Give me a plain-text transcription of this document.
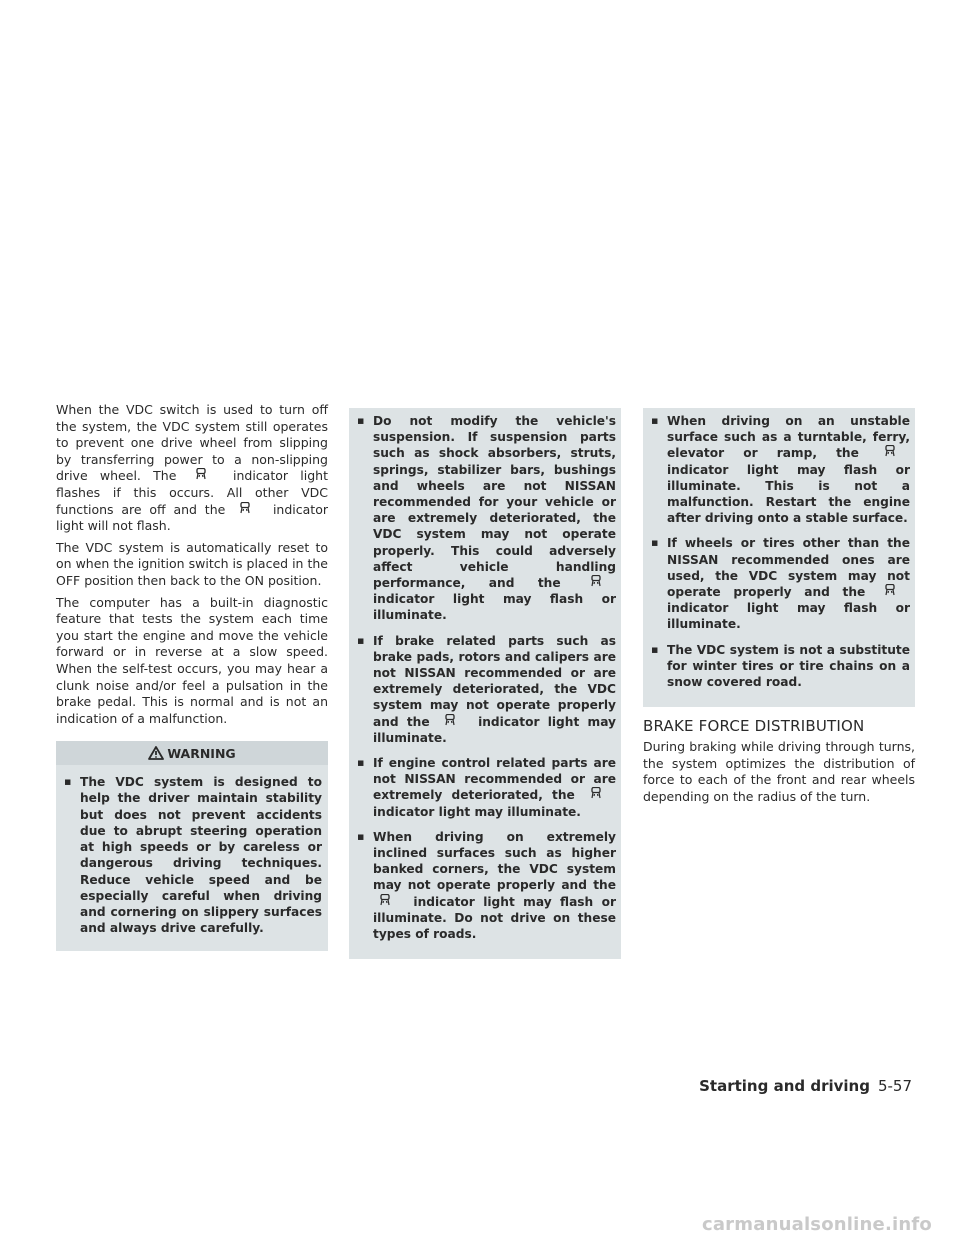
When the VDC switch is used to turn off the system, the VDC system still operates to prevent one drive wheel from slipping by transferring power to a non-slipping drive wheel. The	indicator light flashes if this occurs. All other VDC functions are off and the	indicator light will not flash.

The VDC system is automatically reset to on when the ignition switch is placed in the OFF position then back to the ON position.

The computer has a built-in diagnostic feature that tests the system each time you start the engine and move the vehicle forward or in reverse at a slow speed. When the self-test occurs, you may hear a clunk noise and/or feel a pulsation in the brake pedal. This is normal and is not an indication of a malfunction.

WARNING
▪ The VDC system is designed to help the driver maintain stability but does not prevent accidents due to abrupt steering operation at high speeds or by careless or dangerous driving techniques. Reduce vehicle speed and be especially careful when driving and cornering on slippery surfaces and always drive carefully.
▪ Do not modify the vehicle's suspension. If suspension parts such as shock absorbers, struts, springs, stabilizer bars, bushings and wheels are not NISSAN recommended for your vehicle or are extremely deteriorated, the VDC system may not operate properly. This could adversely affect vehicle handling performance, and the
indicator light may flash or illuminate.
▪ If brake related parts such as brake pads, rotors and calipers are not NISSAN recommended or are extremely deteriorated, the VDC system may not operate properly and the	indicator light may illuminate.
▪ If engine control related parts are not NISSAN recommended or are extremely deteriorated, the
indicator light may illuminate.
▪ When driving on extremely inclined surfaces such as higher banked corners, the VDC system may not operate properly and the
indicator light may flash or illuminate. Do not drive on these types of roads.
▪ When driving on an unstable surface such as a turntable, ferry, elevator or ramp, the
indicator light may flash or illuminate. This is not a malfunction. Restart the engine after driving onto a stable surface.
▪ If wheels or tires other than the NISSAN recommended ones are used, the VDC system may not operate properly and the
indicator light may flash or illuminate.
▪ The VDC system is not a substitute for winter tires or tire chains on a snow covered road.
BRAKE FORCE DISTRIBUTION

During braking while driving through turns, the system optimizes the distribution of force to each of the front and rear wheels depending on the radius of the turn.

Starting and driving 5-57
carmanualsonline.info
